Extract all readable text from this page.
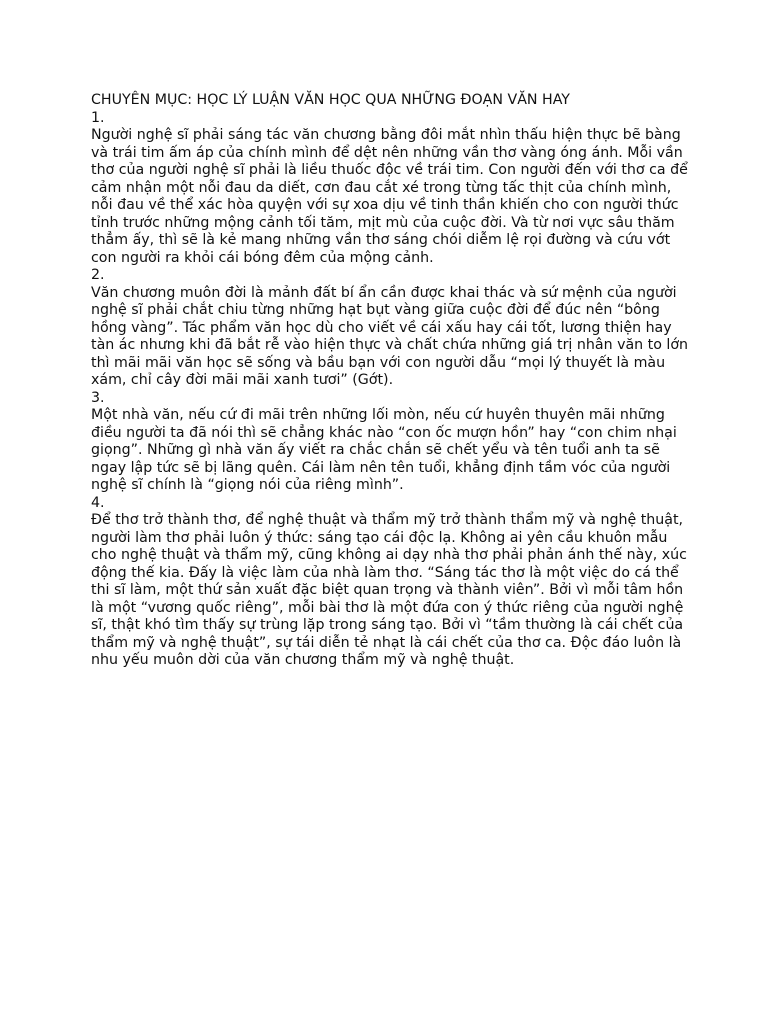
CHUYÊN MỤC: HỌC LÝ LUẬN VĂN HỌC QUA NHỮNG ĐOẠN VĂN HAY

1.

Người nghệ sĩ phải sáng tác văn chương bằng đôi mắt nhìn thấu hiện thực bẽ bàng và trái tim ấm áp của chính mình để dệt nên những vần thơ vàng óng ánh. Mỗi vần thơ của người nghệ sĩ phải là liều thuốc độc về trái tim. Con người đến với thơ ca để cảm nhận một nỗi đau da diết, cơn đau cắt xé trong từng tấc thịt của chính mình, nỗi đau về thể xác hòa quyện với sự xoa dịu về tinh thần khiến cho con người thức tỉnh trước những mộng cảnh tối tăm, mịt mù của cuộc đời. Và từ nơi vực sâu thăm thẳm ấy, thì sẽ là kẻ mang những vần thơ sáng chói diễm lệ rọi đường và cứu vớt con người ra khỏi cái bóng đêm của mộng cảnh.

2.

Văn chương muôn đời là mảnh đất bí ẩn cần được khai thác và sứ mệnh của người nghệ sĩ phải chắt chiu từng những hạt bụt vàng giữa cuộc đời để đúc nên “bông hồng vàng”. Tác phẩm văn học dù cho viết về cái xấu hay cái tốt, lương thiện hay tàn ác nhưng khi đã bắt rễ vào hiện thực và chất chứa những giá trị nhân văn to lớn thì mãi mãi văn học sẽ sống và bầu bạn với con người dẫu “mọi lý thuyết là màu xám, chỉ cây đời mãi mãi xanh tươi” (Gớt).

3.

Một nhà văn, nếu cứ đi mãi trên những lối mòn, nếu cứ huyên thuyên mãi những điều người ta đã nói thì sẽ chẳng khác nào “con ốc mượn hồn” hay “con chim nhại giọng”. Những gì nhà văn ấy viết ra chắc chắn sẽ chết yểu và tên tuổi anh ta sẽ ngay lập tức sẽ bị lãng quên. Cái làm nên tên tuổi, khẳng định tầm vóc của người nghệ sĩ chính là “giọng nói của riêng mình”.

4.

Để thơ trở thành thơ, để nghệ thuật và thẩm mỹ trở thành thẩm mỹ và nghệ thuật, người làm thơ phải luôn ý thức: sáng tạo cái độc lạ. Không ai yên cầu khuôn mẫu cho nghệ thuật và thẩm mỹ, cũng không ai dạy nhà thơ phải phản ánh thế này, xúc động thế kia. Đấy là việc làm của nhà làm thơ. “Sáng tác thơ là một việc do cá thể thi sĩ làm, một thứ sản xuất đặc biệt quan trọng và thành viên”. Bởi vì mỗi tâm hồn là một “vương quốc riêng”, mỗi bài thơ là một đứa con ý thức riêng của người nghệ sĩ, thật khó tìm thấy sự trùng lặp trong sáng tạo. Bởi vì “tầm thường là cái chết của thẩm mỹ và nghệ thuật”, sự tái diễn tẻ nhạt là cái chết của thơ ca. Độc đáo luôn là nhu yếu muôn dời của văn chương thẩm mỹ và nghệ thuật.
